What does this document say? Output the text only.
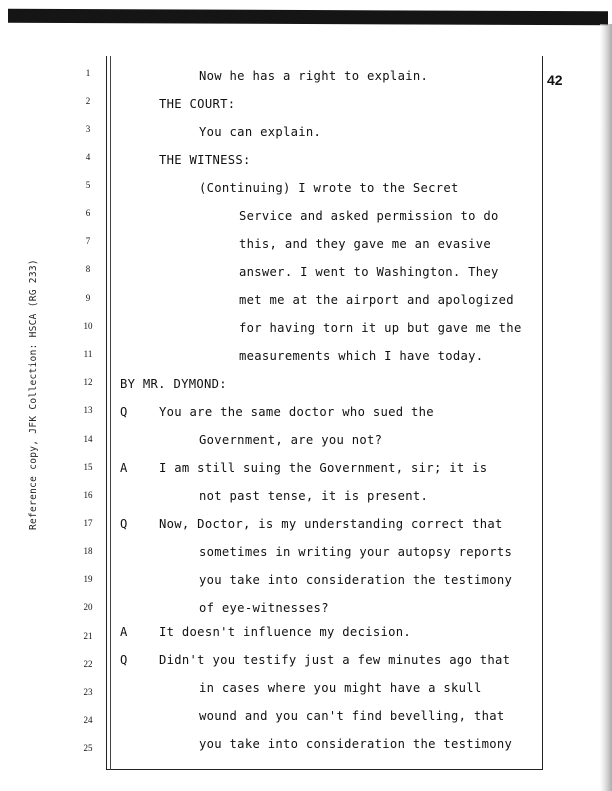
42
Reference copy, JFK Collection: HSCA (RG 233)
1
2
3
4
5
6
7
8
9
10
11
12
13
14
15
16
17
18
19
20
21
22
23
24
25
Now he has a right to explain.
THE COURT:
You can explain.
THE WITNESS:
(Continuing) I wrote to the Secret
Service and asked permission to do
this, and they gave me an evasive
answer. I went to Washington. They
met me at the airport and apologized
for having torn it up but gave me the
measurements which I have today.
BY MR. DYMOND:
Q	You are the same doctor who sued the
Government, are you not?
A	I am still suing the Government, sir; it is
not past tense, it is present.
Q	Now, Doctor, is my understanding correct that
sometimes in writing your autopsy reports
you take into consideration the testimony
of eye-witnesses?
A	It doesn't influence my decision.
Q	Didn't you testify just a few minutes ago that
in cases where you might have a skull
wound and you can't find bevelling, that
you take into consideration the testimony
